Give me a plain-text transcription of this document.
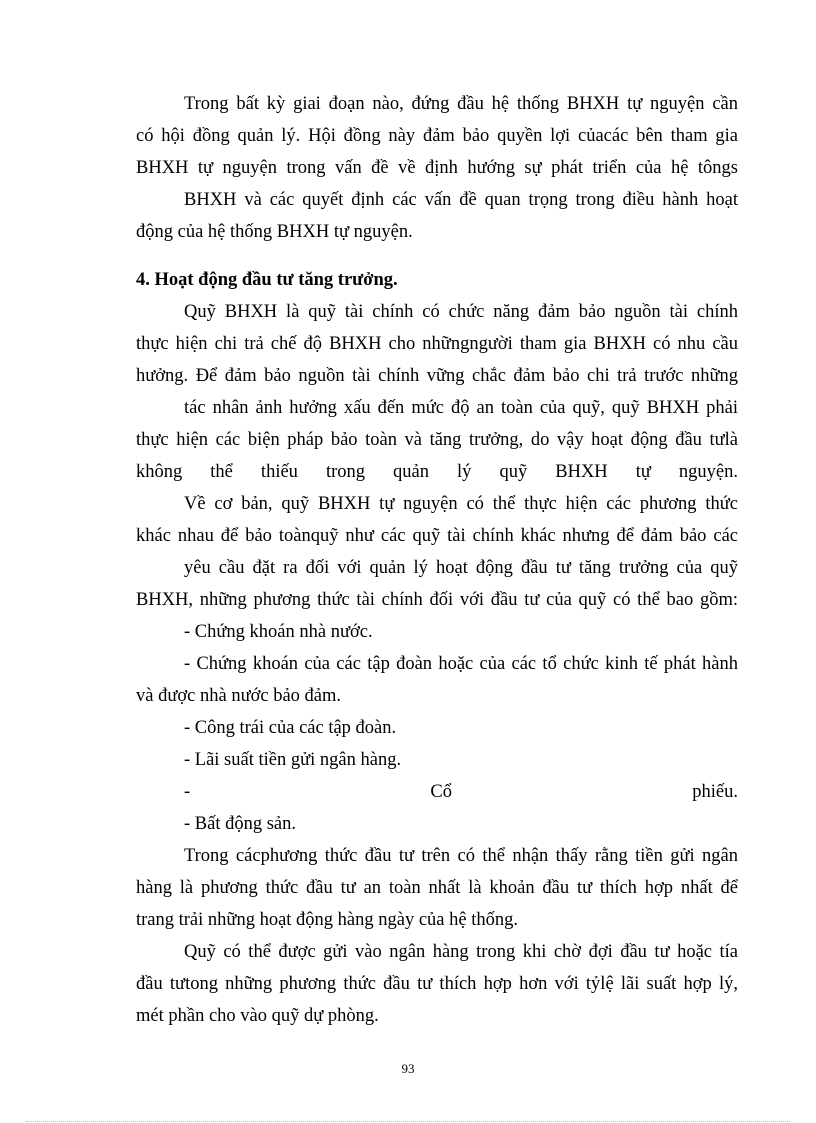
Trong bất kỳ giai đoạn nào, đứng đầu hệ thống BHXH tự nguyện cần
có hội đồng quản lý. Hội đồng này đảm bảo quyền lợi củacác bên tham gia
BHXH tự nguyện trong vấn đề về định hướng sự phát triển của hệ tôngs
BHXH và các quyết định các vấn đề quan trọng trong điều hành hoạt
động của hệ thống BHXH tự nguyện.
4. Hoạt động đầu tư tăng trưởng.
Quỹ BHXH là quỹ tài chính có chức năng đảm bảo nguồn tài chính
thực hiện chi trả chế độ BHXH cho nhữngngười tham gia BHXH có nhu cầu
hưởng. Để đảm bảo nguồn tài chính vững chắc đảm bảo chi trả trước những
tác nhân ảnh hưởng xấu đến mức độ an toàn của quỹ, quỹ BHXH phải
thực hiện các biện pháp bảo toàn và tăng trưởng, do vậy hoạt động đầu tưlà
không thể thiếu trong quản lý quỹ BHXH tự nguyện.
Về cơ bản, quỹ BHXH tự nguyện có thể thực hiện các phương thức
khác nhau để bảo toànquỹ như các quỹ tài chính khác nhưng để đảm bảo các
yêu cầu đặt ra đối với quản lý hoạt động đầu tư tăng trưởng của quỹ
BHXH, những phương thức tài chính đối với đầu tư của quỹ có thể bao gồm:
- Chứng khoán nhà nước.
- Chứng khoán của các tập đoàn hoặc của các tổ chức kinh tế phát hành
và được nhà nước bảo đảm.
- Công trái của các tập đoàn.
- Lãi suất tiền gửi ngân hàng.
- Cổ phiếu.
- Bất động sản.
Trong cácphương thức đầu tư trên có thể nhận thấy rằng tiền gửi ngân
hàng là phương thức đầu tư an toàn nhất là khoản đầu tư thích hợp nhất để
trang trải những hoạt động hàng ngày của hệ thống.
Quỹ có thể được gửi vào ngân hàng trong khi chờ đợi đầu tư hoặc tía
đầu tưtong những phương thức đầu tư thích hợp hơn với tỷlệ lãi suất hợp lý,
mét phần cho vào quỹ dự phòng.
93
